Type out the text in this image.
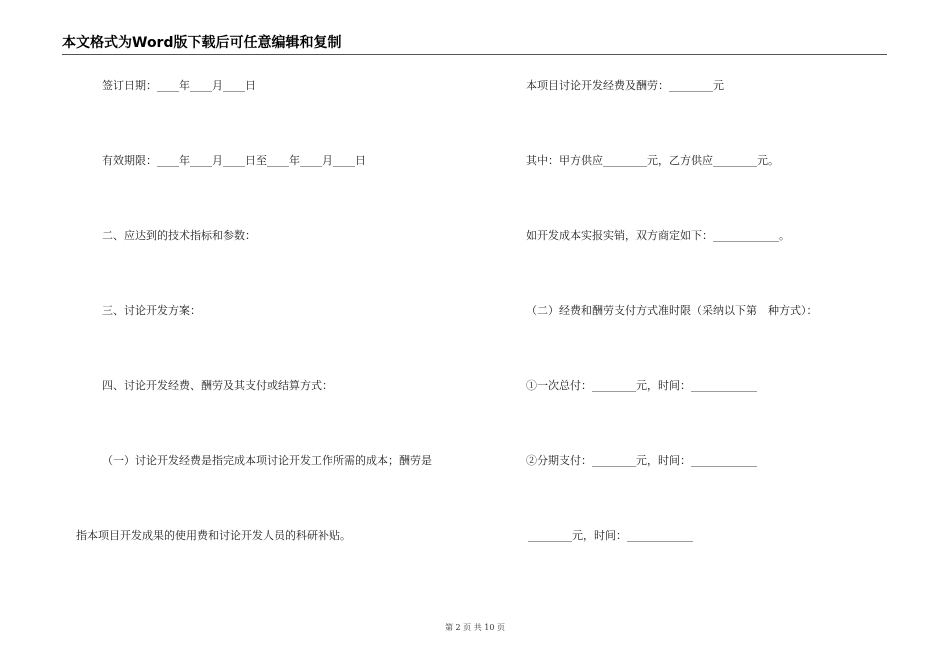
本文格式为Word版下载后可任意编辑和复制
签订日期：____年____月____日
有效期限：____年____月____日至____年____月____日
二、应达到的技术指标和参数：
三、讨论开发方案：
四、讨论开发经费、酬劳及其支付或结算方式：
（一）讨论开发经费是指完成本项讨论开发工作所需的成本；酬劳是
指本项目开发成果的使用费和讨论开发人员的科研补贴。
本项目讨论开发经费及酬劳：________元
其中：甲方供应________元，乙方供应________元。
如开发成本实报实销，双方商定如下：____________。
（二）经费和酬劳支付方式准时限（采纳以下第　种方式）：
①一次总付：________元，时间：____________
②分期支付：________元，时间：____________
________元，时间：____________
第 2 页 共 10 页
